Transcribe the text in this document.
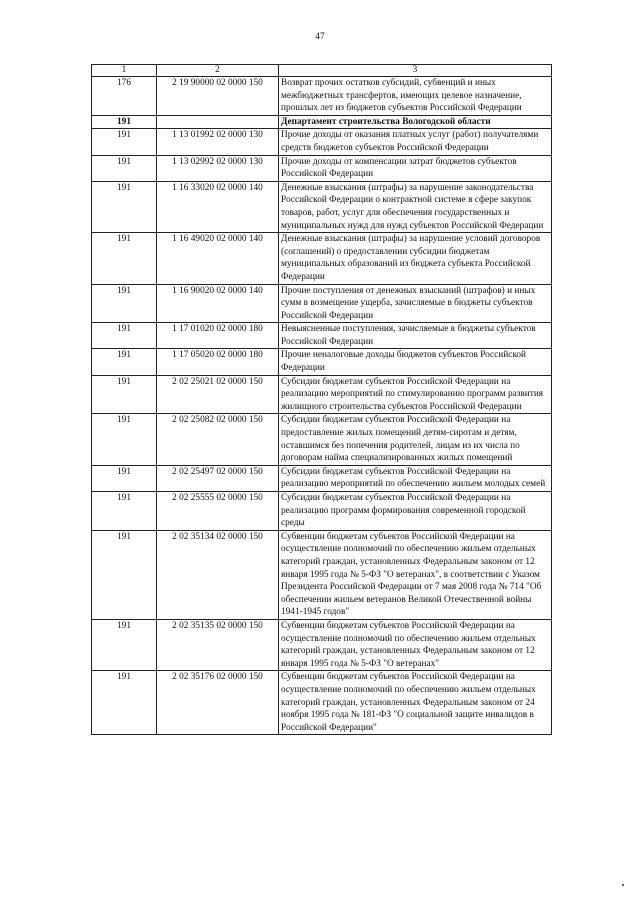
47
1	2	3
176	2 19 90000 02 0000 150	Возврат прочих остатков субсидий, субвенций и иных межбюджетных трансфертов, имеющих целевое назначение, прошлых лет из бюджетов субъектов Российской Федерации
191		Департамент строительства Вологодской области
191	1 13 01992 02 0000 130	Прочие доходы от оказания платных услуг (работ) получателями средств бюджетов субъектов Российской Федерации
191	1 13 02992 02 0000 130	Прочие доходы от компенсации затрат бюджетов субъектов Российской Федерации
191	1 16 33020 02 0000 140	Денежные взыскания (штрафы) за нарушение законодательства Российской Федерации о контрактной системе в сфере закупок товаров, работ, услуг для обеспечения государственных и муниципальных нужд для нужд субъектов Российской Федерации
191	1 16 49020 02 0000 140	Денежные взыскания (штрафы) за нарушение условий договоров (соглашений) о предоставлении субсидии бюджетам муниципальных образований из бюджета субъекта Российской Федерации
191	1 16 90020 02 0000 140	Прочие поступления от денежных взысканий (штрафов) и иных сумм в возмещение ущерба, зачисляемые в бюджеты субъектов Российской Федерации
191	1 17 01020 02 0000 180	Невыясненные поступления, зачисляемые в бюджеты субъектов Российской Федерации
191	1 17 05020 02 0000 180	Прочие неналоговые доходы бюджетов субъектов Российской Федерации
191	2 02 25021 02 0000 150	Субсидии бюджетам субъектов Российской Федерации на реализацию мероприятий по стимулированию программ развития жилищного строительства субъектов Российской Федерации
191	2 02 25082 02 0000 150	Субсидии бюджетам субъектов Российской Федерации на предоставление жилых помещений детям-сиротам и детям, оставшимся без попечения родителей, лицам из их числа по договорам найма специализированных жилых помещений
191	2 02 25497 02 0000 150	Субсидии бюджетам субъектов Российской Федерации на реализацию мероприятий по обеспечению жильем молодых семей
191	2 02 25555 02 0000 150	Субсидии бюджетам субъектов Российской Федерации на реализацию программ формирования современной городской среды
191	2 02 35134 02 0000 150	Субвенции бюджетам субъектов Российской Федерации на осуществление полномочий по обеспечению жильем отдельных категорий граждан, установленных Федеральным законом от 12 января 1995 года № 5-ФЗ "О ветеранах", в соответствии с Указом Президента Российской Федерации от 7 мая 2008 года № 714 "Об обеспечении жильем ветеранов Великой Отечественной войны 1941-1945 годов"
191	2 02 35135 02 0000 150	Субвенции бюджетам субъектов Российской Федерации на осуществление полномочий по обеспечению жильем отдельных категорий граждан, установленных Федеральным законом от 12 января 1995 года № 5-ФЗ "О ветеранах"
191	2 02 35176 02 0000 150	Субвенции бюджетам субъектов Российской Федерации на осуществление полномочий по обеспечению жильем отдельных категорий граждан, установленных Федеральным законом от 24 ноября 1995 года № 181-ФЗ "О социальной защите инвалидов в Российской Федерации"
